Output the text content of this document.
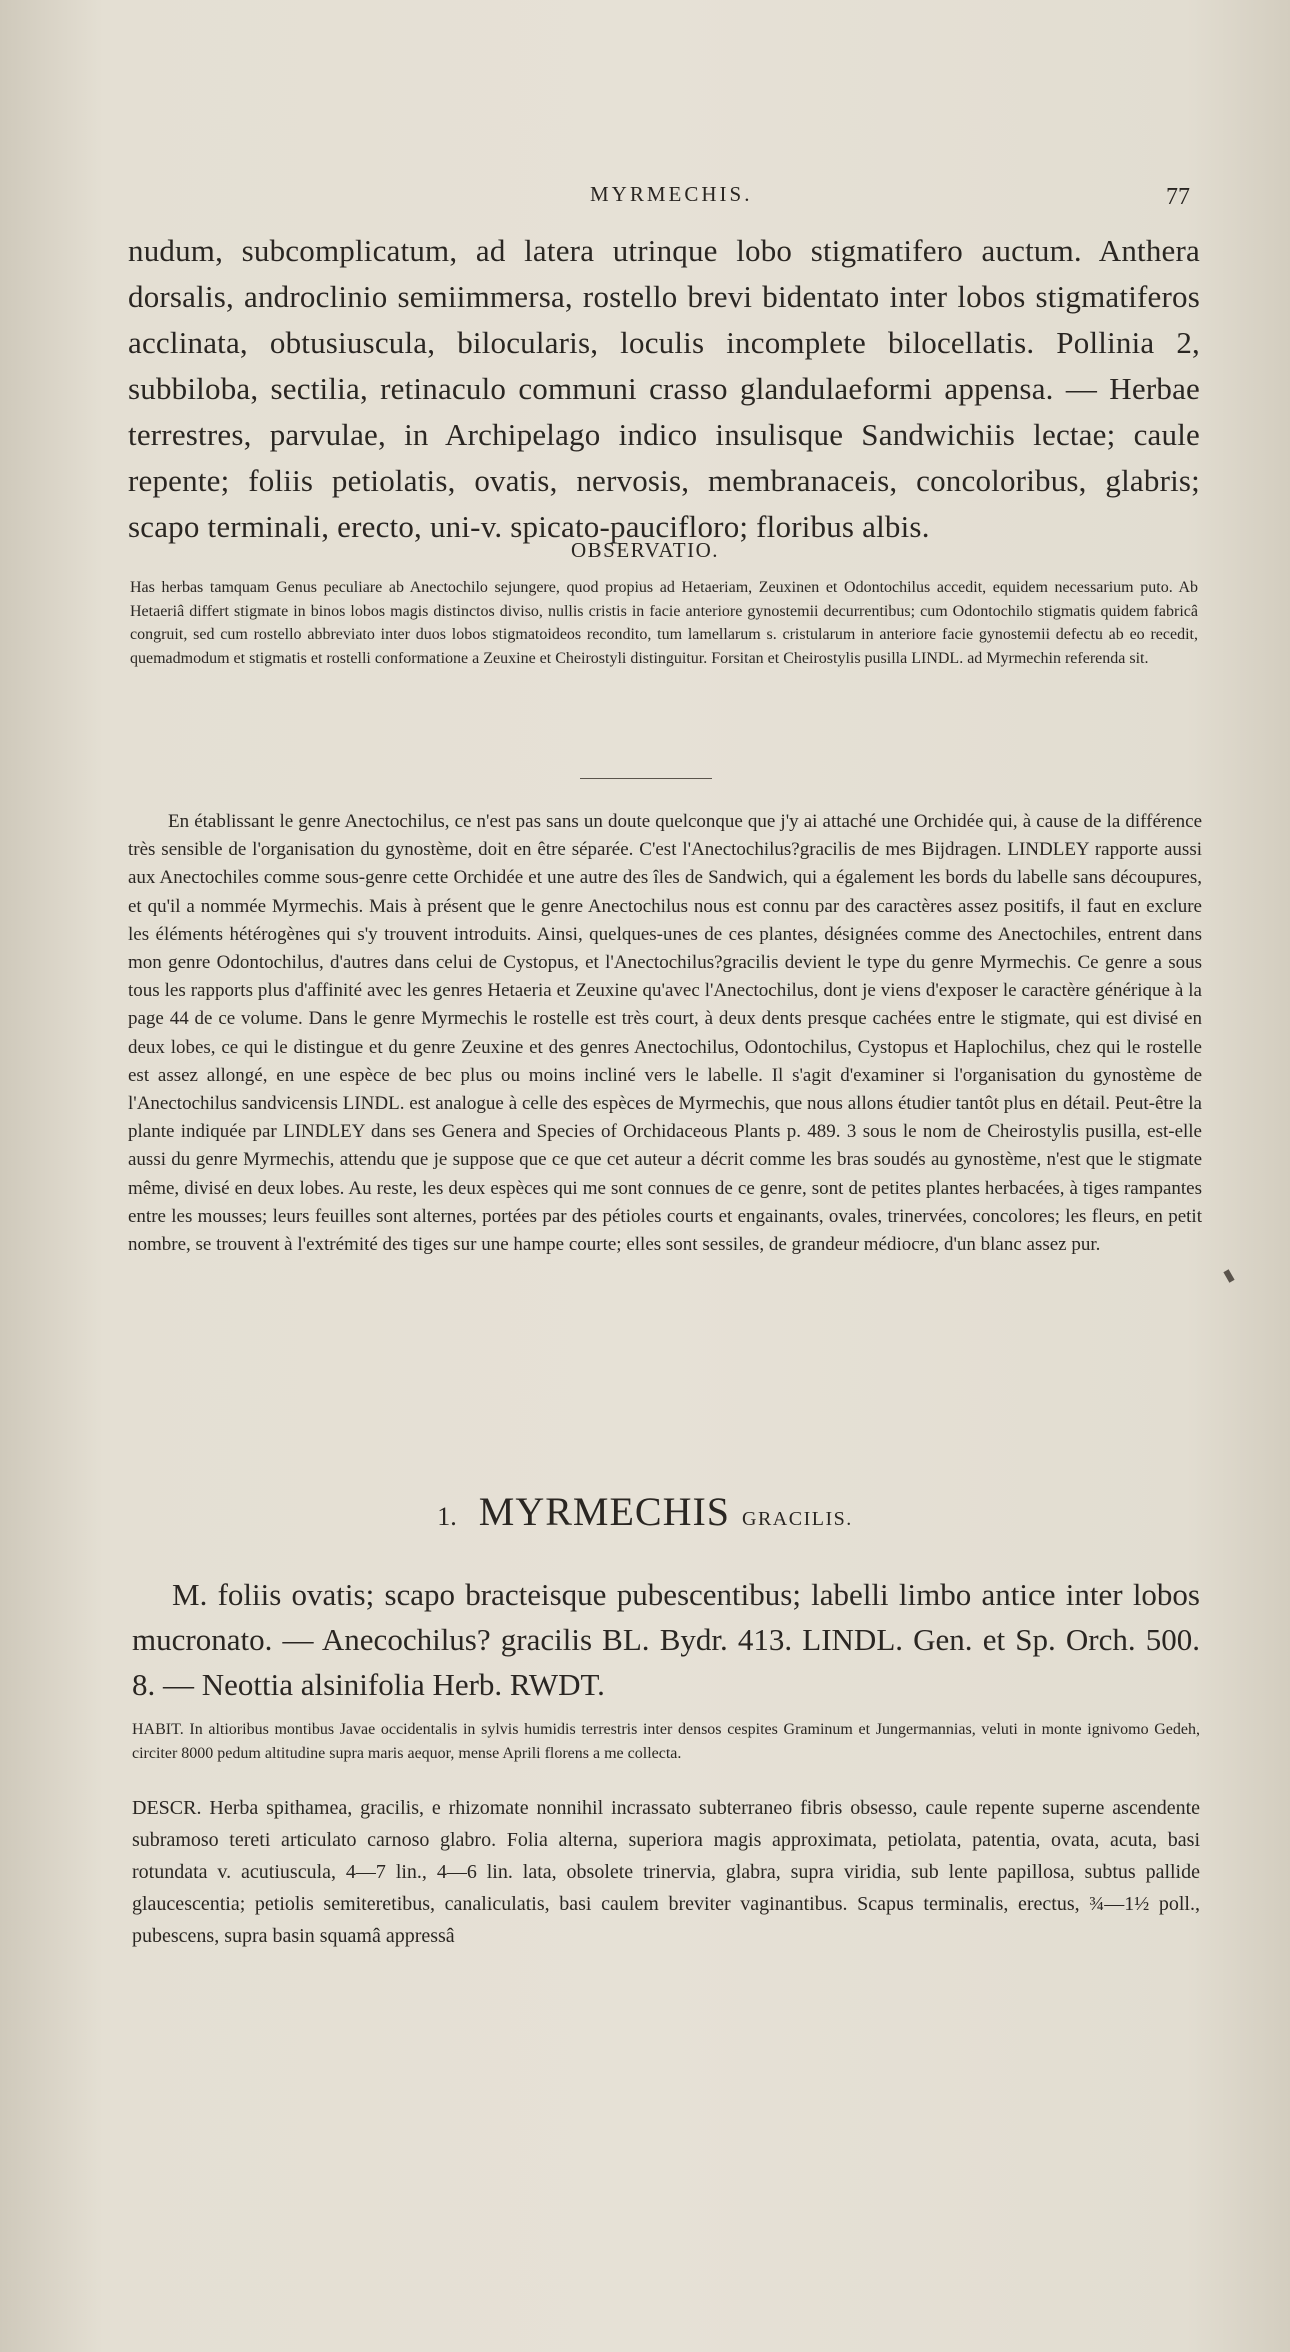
MYRMECHIS.	77
nudum, subcomplicatum, ad latera utrinque lobo stigmatifero auctum. Anthera dorsalis, androclinio semiimmersa, rostello brevi bidentato inter lobos stigmatiferos acclinata, obtusiuscula, bilocularis, loculis incomplete bilocellatis. Pollinia 2, subbiloba, sectilia, retinaculo communi crasso glandulaeformi appensa. — Herbae terrestres, parvulae, in Archipelago indico insulisque Sandwichiis lectae; caule repente; foliis petiolatis, ovatis, nervosis, membranaceis, concoloribus, glabris; scapo terminali, erecto, uni-v. spicato-paucifloro; floribus albis.
OBSERVATIO.
Has herbas tamquam Genus peculiare ab Anectochilo sejungere, quod propius ad Hetaeriam, Zeuxinen et Odontochilus accedit, equidem necessarium puto. Ab Hetaeriâ differt stigmate in binos lobos magis distinctos diviso, nullis cristis in facie anteriore gynostemii decurrentibus; cum Odontochilo stigmatis quidem fabricâ congruit, sed cum rostello abbreviato inter duos lobos stigmatoideos recondito, tum lamellarum s. cristularum in anteriore facie gynostemii defectu ab eo recedit, quemadmodum et stigmatis et rostelli conformatione a Zeuxine et Cheirostyli distinguitur. Forsitan et Cheirostylis pusilla LINDL. ad Myrmechin referenda sit.
En établissant le genre Anectochilus, ce n'est pas sans un doute quelconque que j'y ai attaché une Orchidée qui, à cause de la différence très sensible de l'organisation du gynostème, doit en être séparée. C'est l'Anectochilus?gracilis de mes Bijdragen. LINDLEY rapporte aussi aux Anectochiles comme sous-genre cette Orchidée et une autre des îles de Sandwich, qui a également les bords du labelle sans découpures, et qu'il a nommée Myrmechis. Mais à présent que le genre Anectochilus nous est connu par des caractères assez positifs, il faut en exclure les éléments hétérogènes qui s'y trouvent introduits. Ainsi, quelques-unes de ces plantes, désignées comme des Anectochiles, entrent dans mon genre Odontochilus, d'autres dans celui de Cystopus, et l'Anectochilus?gracilis devient le type du genre Myrmechis. Ce genre a sous tous les rapports plus d'affinité avec les genres Hetaeria et Zeuxine qu'avec l'Anectochilus, dont je viens d'exposer le caractère générique à la page 44 de ce volume. Dans le genre Myrmechis le rostelle est très court, à deux dents presque cachées entre le stigmate, qui est divisé en deux lobes, ce qui le distingue et du genre Zeuxine et des genres Anectochilus, Odontochilus, Cystopus et Haplochilus, chez qui le rostelle est assez allongé, en une espèce de bec plus ou moins incliné vers le labelle. Il s'agit d'examiner si l'organisation du gynostème de l'Anectochilus sandvicensis LINDL. est analogue à celle des espèces de Myrmechis, que nous allons étudier tantôt plus en détail. Peut-être la plante indiquée par LINDLEY dans ses Genera and Species of Orchidaceous Plants p. 489. 3 sous le nom de Cheirostylis pusilla, est-elle aussi du genre Myrmechis, attendu que je suppose que ce que cet auteur a décrit comme les bras soudés au gynostème, n'est que le stigmate même, divisé en deux lobes. Au reste, les deux espèces qui me sont connues de ce genre, sont de petites plantes herbacées, à tiges rampantes entre les mousses; leurs feuilles sont alternes, portées par des pétioles courts et engainants, ovales, trinervées, concolores; les fleurs, en petit nombre, se trouvent à l'extrémité des tiges sur une hampe courte; elles sont sessiles, de grandeur médiocre, d'un blanc assez pur.
1. MYRMECHIS GRACILIS.
M. foliis ovatis; scapo bracteisque pubescentibus; labelli limbo antice inter lobos mucronato. — Anecochilus? gracilis BL. Bydr. 413. LINDL. Gen. et Sp. Orch. 500. 8. — Neottia alsinifolia Herb. RWDT.
HABIT. In altioribus montibus Javae occidentalis in sylvis humidis terrestris inter densos cespites Graminum et Jungermannias, veluti in monte ignivomo Gedeh, circiter 8000 pedum altitudine supra maris aequor, mense Aprili florens a me collecta.
DESCR. Herba spithamea, gracilis, e rhizomate nonnihil incrassato subterraneo fibris obsesso, caule repente superne ascendente subramoso tereti articulato carnoso glabro. Folia alterna, superiora magis approximata, petiolata, patentia, ovata, acuta, basi rotundata v. acutiuscula, 4—7 lin., 4—6 lin. lata, obsolete trinervia, glabra, supra viridia, sub lente papillosa, subtus pallide glaucescentia; petiolis semiteretibus, canaliculatis, basi caulem breviter vaginantibus. Scapus terminalis, erectus, ¾—1½ poll., pubescens, supra basin squamâ appressâ
